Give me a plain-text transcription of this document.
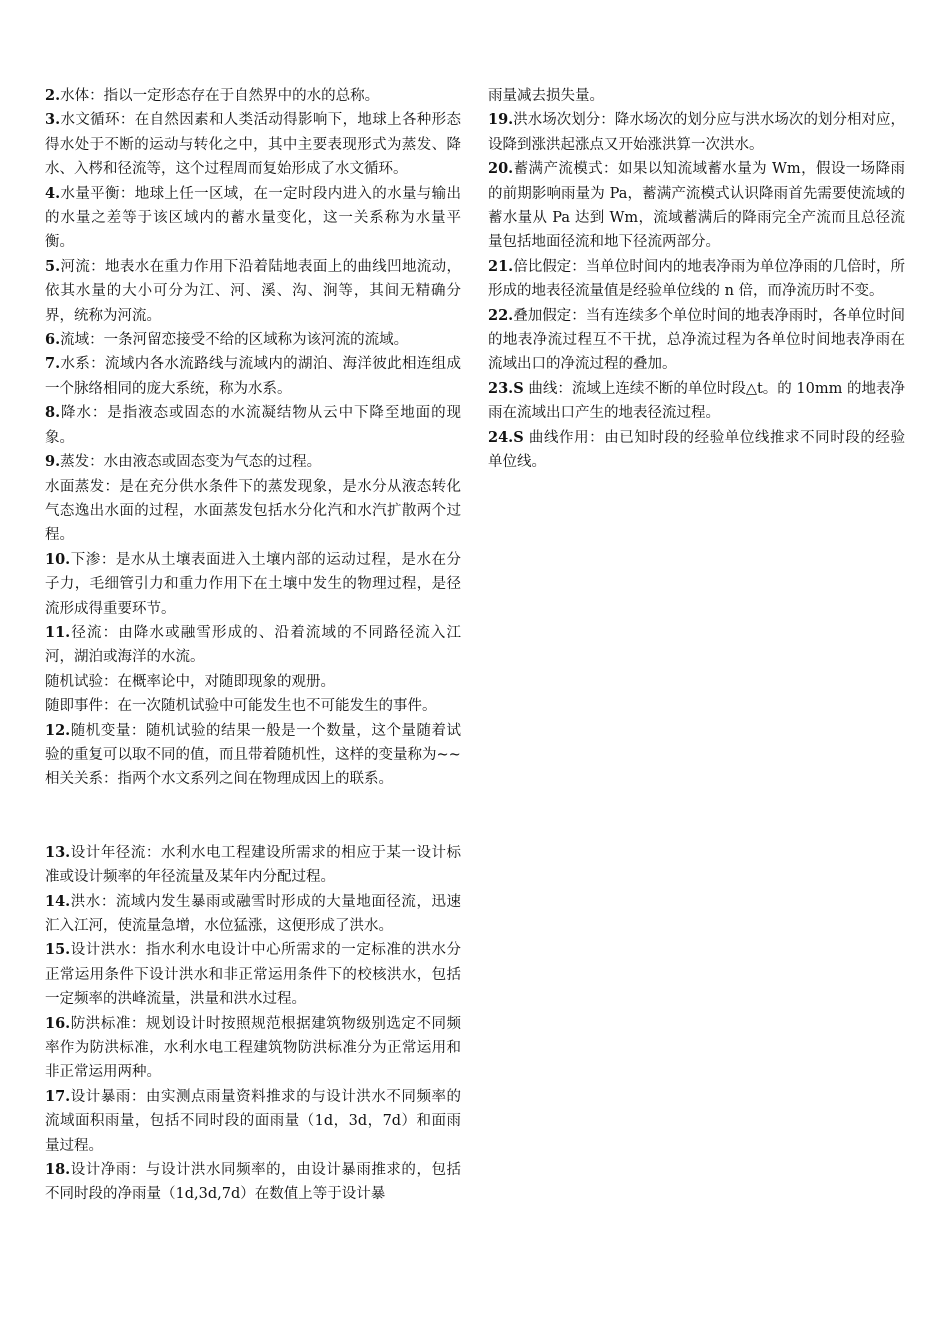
2.水体：指以一定形态存在于自然界中的水的总称。

3.水文循环：在自然因素和人类活动得影响下，地球上各种形态得水处于不断的运动与转化之中，其中主要表现形式为蒸发、降水、入梣和径流等，这个过程周而复始形成了水文循环。

4.水量平衡：地球上任一区域，在一定时段内进入的水量与输出的水量之差等于该区域内的蓄水量变化，这一关系称为水量平衡。

5.河流：地表水在重力作用下沿着陆地表面上的曲线凹地流动，依其水量的大小可分为江、河、溪、沟、涧等，其间无精确分界，统称为河流。

6.流域：一条河留恋接受不给的区域称为该河流的流域。

7.水系：流域内各水流路线与流域内的湖泊、海洋彼此相连组成一个脉络相同的庞大系统，称为水系。

8.降水：是指液态或固态的水流凝结物从云中下降至地面的现象。

9.蒸发：水由液态或固态变为气态的过程。

水面蒸发：是在充分供水条件下的蒸发现象，是水分从液态转化气态逸出水面的过程，水面蒸发包括水分化汽和水汽扩散两个过程。

10.下渗：是水从土壤表面进入土壤内部的运动过程，是水在分子力，毛细管引力和重力作用下在土壤中发生的物理过程，是径流形成得重要环节。

11.径流：由降水或融雪形成的、沿着流域的不同路径流入江河，湖泊或海洋的水流。

随机试验：在概率论中，对随即现象的观册。

随即事件：在一次随机试验中可能发生也不可能发生的事件。

12.随机变量：随机试验的结果一般是一个数量，这个量随着试验的重复可以取不同的值，而且带着随机性，这样的变量称为~~

相关关系：指两个水文系列之间在物理成因上的联系。

13.设计年径流：水利水电工程建设所需求的相应于某一设计标准或设计频率的年径流量及某年内分配过程。

14.洪水：流域内发生暴雨或融雪时形成的大量地面径流，迅速汇入江河，使流量急增，水位猛涨，这便形成了洪水。

15.设计洪水：指水利水电设计中心所需求的一定标准的洪水分正常运用条件下设计洪水和非正常运用条件下的校核洪水，包括一定频率的洪峰流量，洪量和洪水过程。

16.防洪标准：规划设计时按照规范根据建筑物级别选定不同频率作为防洪标准，水利水电工程建筑物防洪标准分为正常运用和非正常运用两种。

17.设计暴雨：由实测点雨量资料推求的与设计洪水不同频率的流域面积雨量，包括不同时段的面雨量（1d，3d，7d）和面雨量过程。

18.设计净雨：与设计洪水同频率的，由设计暴雨推求的，包括不同时段的净雨量（1d,3d,7d）在数值上等于设计暴

雨量减去损失量。

19.洪水场次划分：降水场次的划分应与洪水场次的划分相对应，设降到涨洪起涨点又开始涨洪算一次洪水。

20.蓄满产流模式：如果以知流域蓄水量为 Wm，假设一场降雨的前期影响雨量为 Pa，蓄满产流模式认识降雨首先需要使流域的蓄水量从 Pa 达到 Wm，流域蓄满后的降雨完全产流而且总径流量包括地面径流和地下径流两部分。

21.倍比假定：当单位时间内的地表净雨为单位净雨的几倍时，所形成的地表径流量值是经验单位线的 n 倍，而净流历时不变。

22.叠加假定：当有连续多个单位时间的地表净雨时，各单位时间的地表净流过程互不干扰，总净流过程为各单位时间地表净雨在流域出口的净流过程的叠加。

23.S 曲线：流域上连续不断的单位时段△t。的 10mm 的地表净雨在流域出口产生的地表径流过程。

24.S 曲线作用：由已知时段的经验单位线推求不同时段的经验单位线。
